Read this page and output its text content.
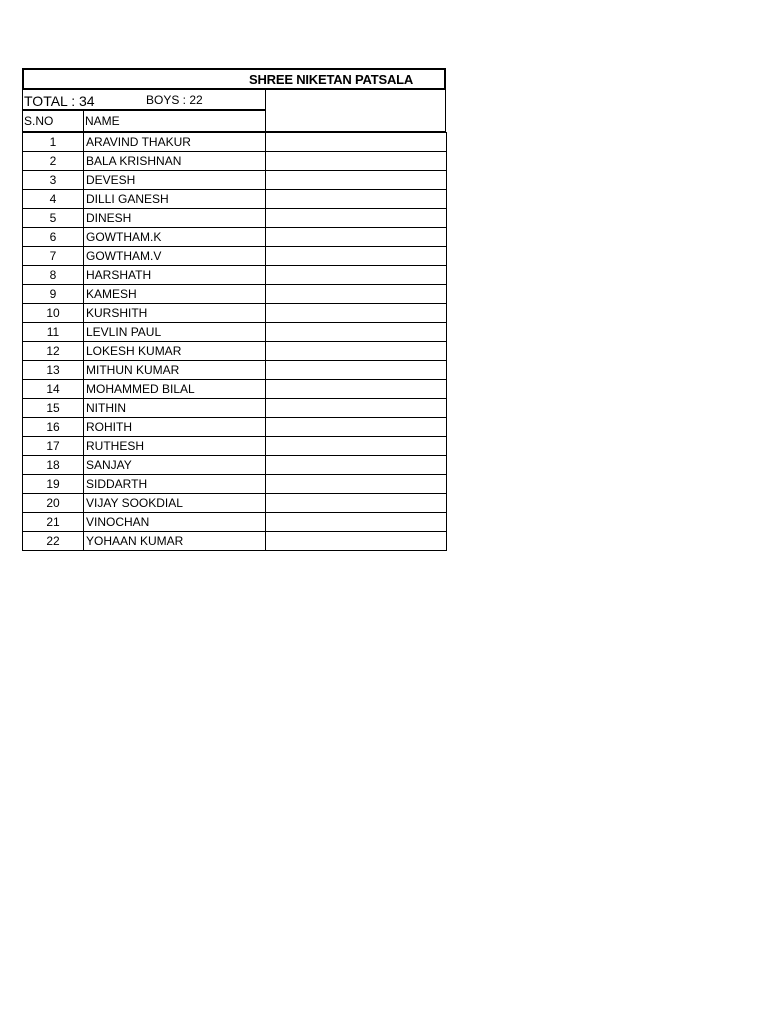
SHREE NIKETAN PATSALA
TOTAL : 34	BOYS : 22
S.NO	NAME
1	ARAVIND THAKUR	
2	BALA KRISHNAN	
3	DEVESH	
4	DILLI GANESH	
5	DINESH	
6	GOWTHAM.K	
7	GOWTHAM.V	
8	HARSHATH	
9	KAMESH	
10	KURSHITH	
11	LEVLIN PAUL	
12	LOKESH KUMAR	
13	MITHUN KUMAR	
14	MOHAMMED BILAL	
15	NITHIN	
16	ROHITH	
17	RUTHESH	
18	SANJAY	
19	SIDDARTH	
20	VIJAY SOOKDIAL	
21	VINOCHAN	
22	YOHAAN KUMAR	
